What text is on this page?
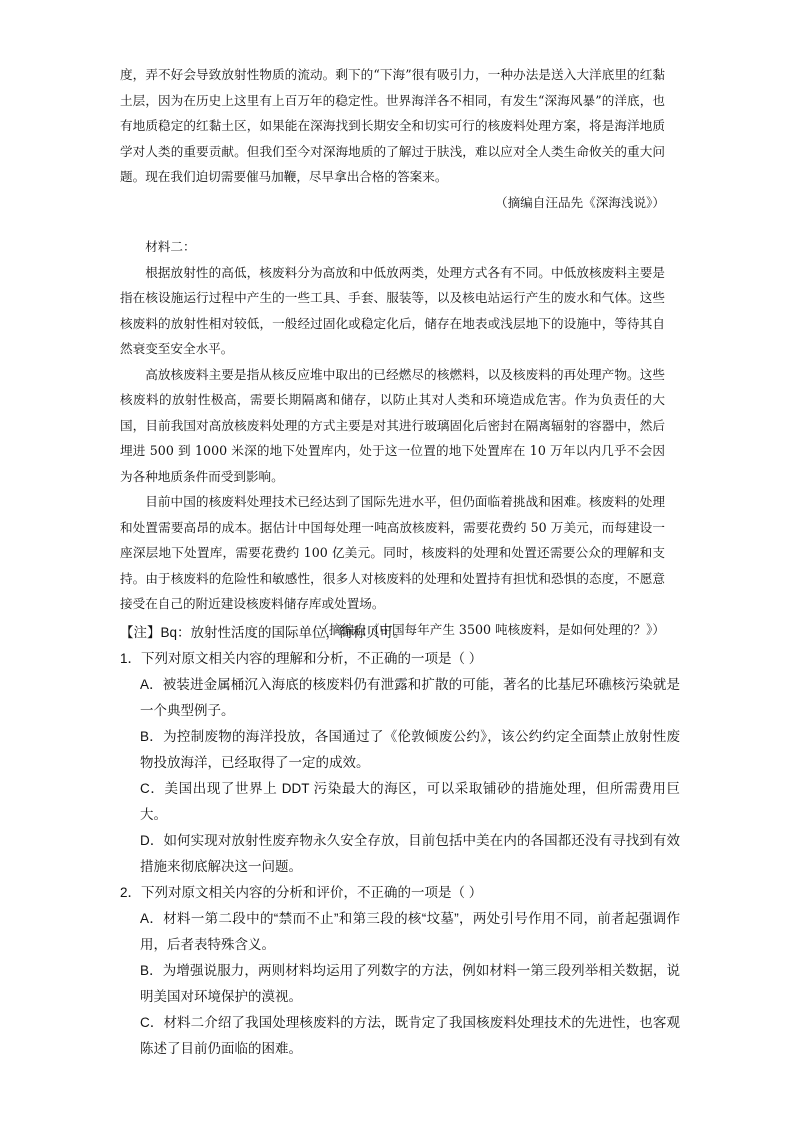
度，弄不好会导致放射性物质的流动。剩下的“下海”很有吸引力，一种办法是送入大洋底里的红黏土层，因为在历史上这里有上百万年的稳定性。世界海洋各不相同，有发生“深海风暴”的洋底，也有地质稳定的红黏土区，如果能在深海找到长期安全和切实可行的核废料处理方案，将是海洋地质学对人类的重要贡献。但我们至今对深海地质的了解过于肤浅，难以应对全人类生命攸关的重大问题。现在我们迫切需要催马加鞭，尽早拿出合格的答案来。

（摘编自汪品先《深海浅说》）

材料二：

根据放射性的高低，核废料分为高放和中低放两类，处理方式各有不同。中低放核废料主要是指在核设施运行过程中产生的一些工具、手套、服装等，以及核电站运行产生的废水和气体。这些核废料的放射性相对较低，一般经过固化或稳定化后，储存在地表或浅层地下的设施中，等待其自然衰变至安全水平。

高放核废料主要是指从核反应堆中取出的已经燃尽的核燃料，以及核废料的再处理产物。这些核废料的放射性极高，需要长期隔离和储存，以防止其对人类和环境造成危害。作为负责任的大国，目前我国对高放核废料处理的方式主要是对其进行玻璃固化后密封在隔离辐射的容器中，然后埋进 500 到 1000 米深的地下处置库内，处于这一位置的地下处置库在 10 万年以内几乎不会因为各种地质条件而受到影响。

目前中国的核废料处理技术已经达到了国际先进水平，但仍面临着挑战和困难。核废料的处理和处置需要高昂的成本。据估计中国每处理一吨高放核废料，需要花费约 50 万美元，而每建设一座深层地下处置库，需要花费约 100 亿美元。同时，核废料的处理和处置还需要公众的理解和支持。由于核废料的危险性和敏感性，很多人对核废料的处理和处置持有担忧和恐惧的态度，不愿意接受在自己的附近建设核废料储存库或处置场。

（摘编自《中国每年产生 3500 吨核废料，是如何处理的？》）

【注】Bq：放射性活度的国际单位，简称贝可。

1．下列对原文相关内容的理解和分析，不正确的一项是（ ）

A．被装进金属桶沉入海底的核废料仍有泄露和扩散的可能，著名的比基尼环礁核污染就是一个典型例子。

B．为控制废物的海洋投放，各国通过了《伦敦倾废公约》，该公约约定全面禁止放射性废物投放海洋，已经取得了一定的成效。

C．美国出现了世界上 DDT 污染最大的海区，可以采取铺砂的措施处理，但所需费用巨大。

D．如何实现对放射性废弃物永久安全存放，目前包括中美在内的各国都还没有寻找到有效措施来彻底解决这一问题。

2．下列对原文相关内容的分析和评价，不正确的一项是（ ）

A．材料一第二段中的“禁而不止”和第三段的核“坟墓”，两处引号作用不同，前者起强调作用，后者表特殊含义。

B．为增强说服力，两则材料均运用了列数字的方法，例如材料一第三段列举相关数据，说明美国对环境保护的漠视。

C．材料二介绍了我国处理核废料的方法，既肯定了我国核废料处理技术的先进性，也客观陈述了目前仍面临的困难。
